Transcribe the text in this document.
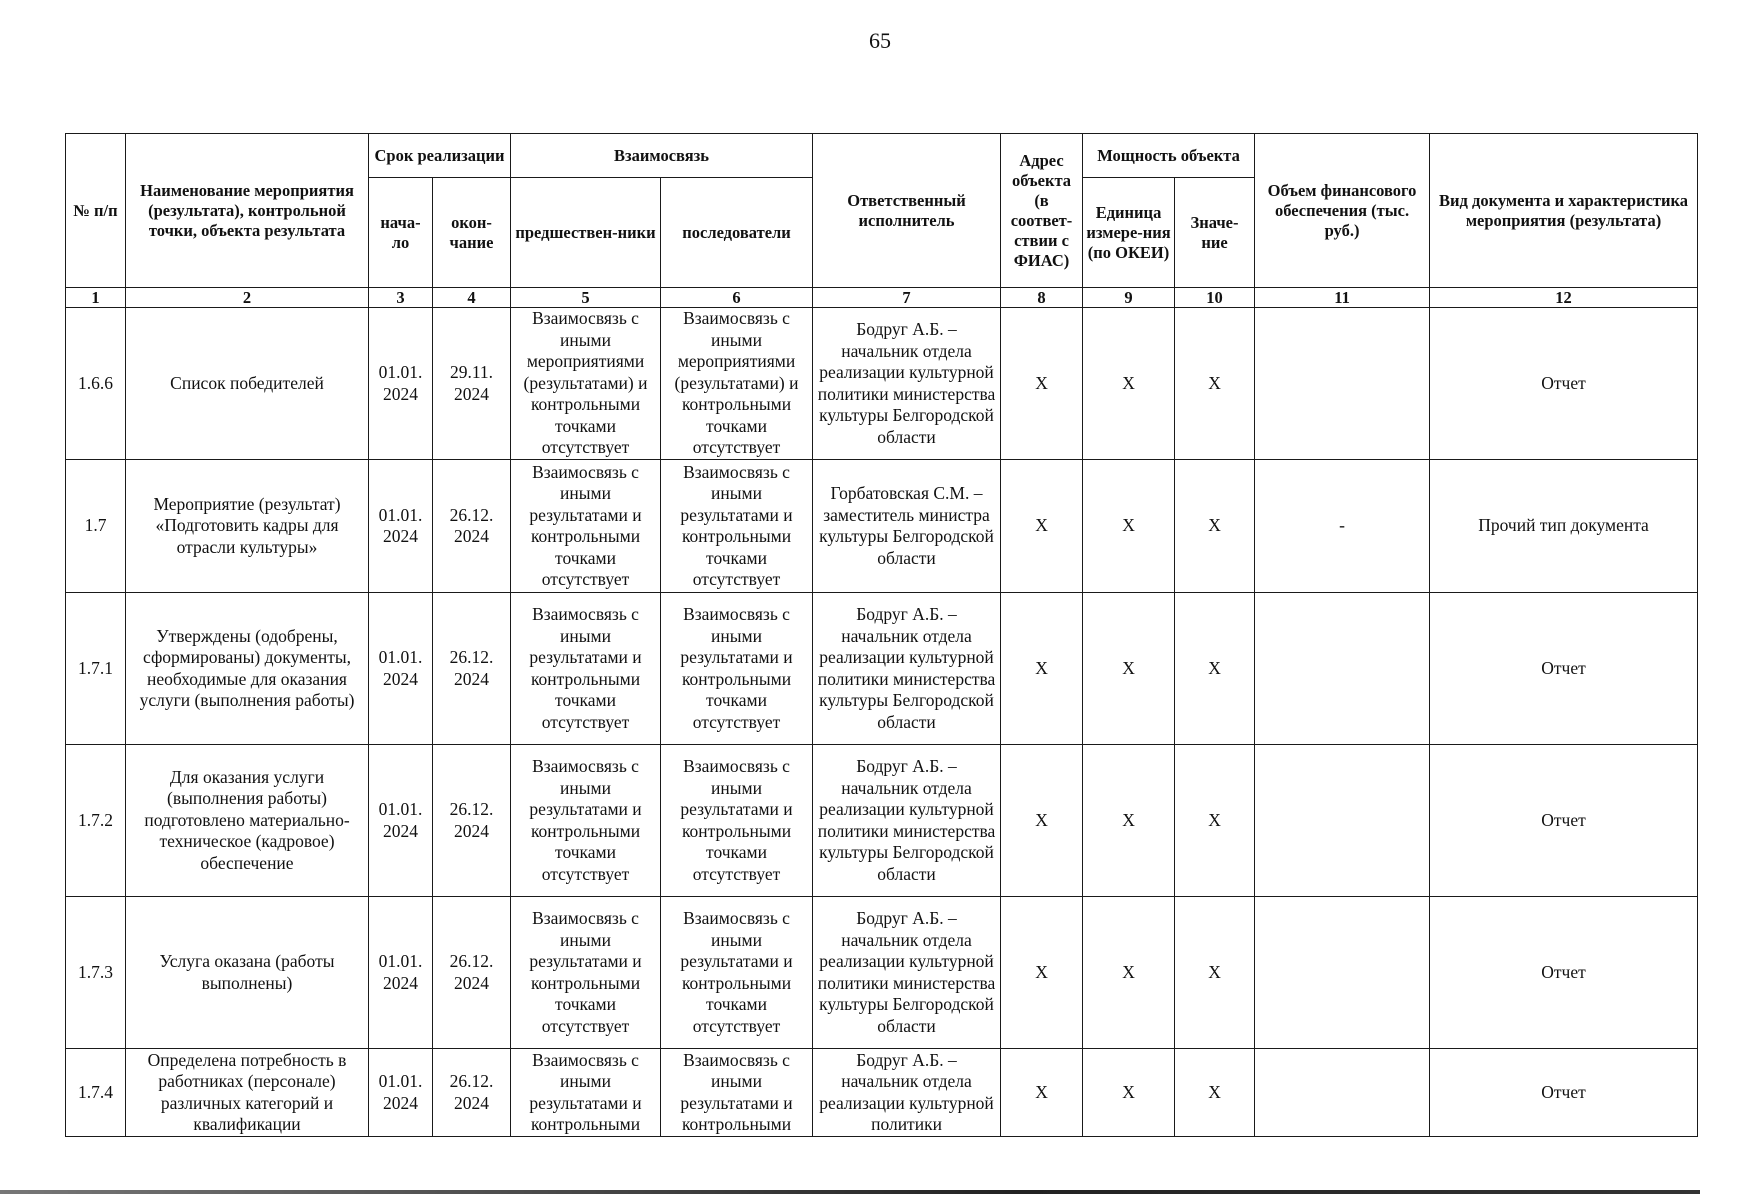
65
№ п/п	Наименование мероприятия (результата), контрольной точки, объекта результата	Срок реализации		Взаимосвязь		Ответственный исполнитель	Адрес объекта (в соответ-ствии с ФИАС)	Мощность объекта		Объем финансового обеспечения (тыс. руб.)	Вид документа и характеристика мероприятия (результата)
		нача-ло	окон-чание	предшествен-ники	последователи			Единица измере-ния (по ОКЕИ)	Значе-ние		
1	2	3	4	5	6	7	8	9	10	11	12
1.6.6	Список победителей	01.01. 2024	29.11. 2024	Взаимосвязь с иными мероприятиями (результатами) и контрольными точками отсутствует	Взаимосвязь с иными мероприятиями (результатами) и контрольными точками отсутствует	Бодруг А.Б. – начальник отдела реализации культурной политики министерства культуры Белгородской области	Х	Х	Х		Отчет
1.7	Мероприятие (результат) «Подготовить кадры для отрасли культуры»	01.01. 2024	26.12. 2024	Взаимосвязь с иными результатами и контрольными точками отсутствует	Взаимосвязь с иными результатами и контрольными точками отсутствует	Горбатовская С.М. – заместитель министра культуры Белгородской области	Х	Х	Х	-	Прочий тип документа
1.7.1	Утверждены (одобрены, сформированы) документы, необходимые для оказания услуги (выполнения работы)	01.01. 2024	26.12. 2024	Взаимосвязь с иными результатами и контрольными точками отсутствует	Взаимосвязь с иными результатами и контрольными точками отсутствует	Бодруг А.Б. – начальник отдела реализации культурной политики министерства культуры Белгородской области	Х	Х	Х		Отчет
1.7.2	Для оказания услуги (выполнения работы) подготовлено материально-техническое (кадровое) обеспечение	01.01. 2024	26.12. 2024	Взаимосвязь с иными результатами и контрольными точками отсутствует	Взаимосвязь с иными результатами и контрольными точками отсутствует	Бодруг А.Б. – начальник отдела реализации культурной политики министерства культуры Белгородской области	Х	Х	Х		Отчет
1.7.3	Услуга оказана (работы выполнены)	01.01. 2024	26.12. 2024	Взаимосвязь с иными результатами и контрольными точками отсутствует	Взаимосвязь с иными результатами и контрольными точками отсутствует	Бодруг А.Б. – начальник отдела реализации культурной политики министерства культуры Белгородской области	Х	Х	Х		Отчет
1.7.4	Определена потребность в работниках (персонале) различных категорий и квалификации	01.01. 2024	26.12. 2024	Взаимосвязь с иными результатами и контрольными	Взаимосвязь с иными результатами и контрольными	Бодруг А.Б. – начальник отдела реализации культурной политики	Х	Х	Х		Отчет
